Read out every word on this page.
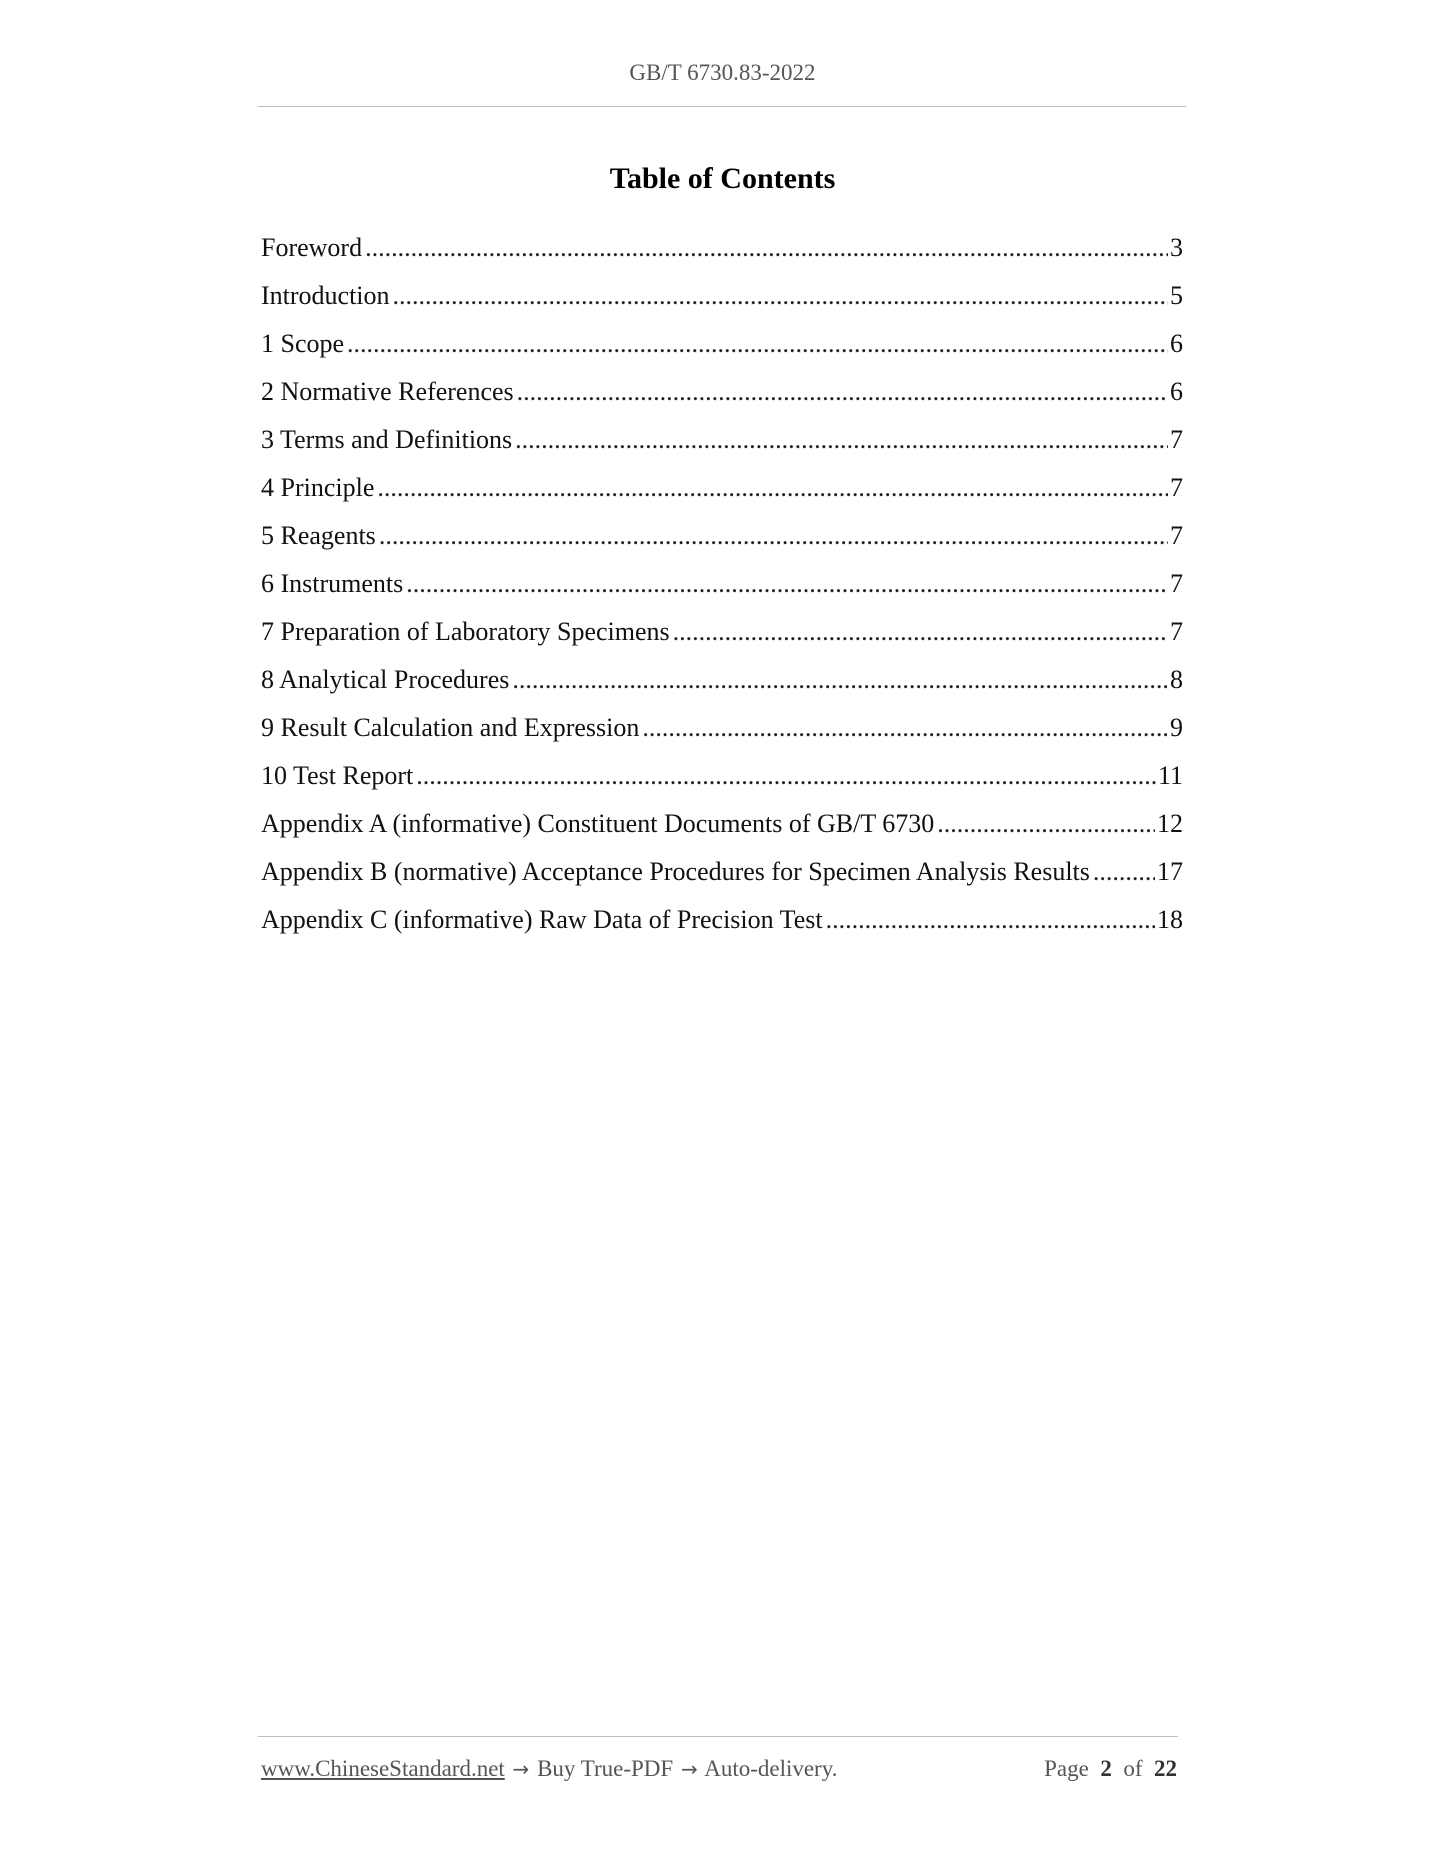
GB/T 6730.83-2022
Table of Contents
Foreword .....	3
Introduction .....	5
1 Scope .....	6
2 Normative References .....	6
3 Terms and Definitions .....	7
4 Principle .....	7
5 Reagents .....	7
6 Instruments .....	7
7 Preparation of Laboratory Specimens .....	7
8 Analytical Procedures .....	8
9 Result Calculation and Expression .....	9
10 Test Report .....	11
Appendix A (informative) Constituent Documents of GB/T 6730 .....	12
Appendix B (normative) Acceptance Procedures for Specimen Analysis Results .....	17
Appendix C (informative) Raw Data of Precision Test .....	18
www.ChineseStandard.net → Buy True-PDF → Auto-delivery.	Page 2 of 22
